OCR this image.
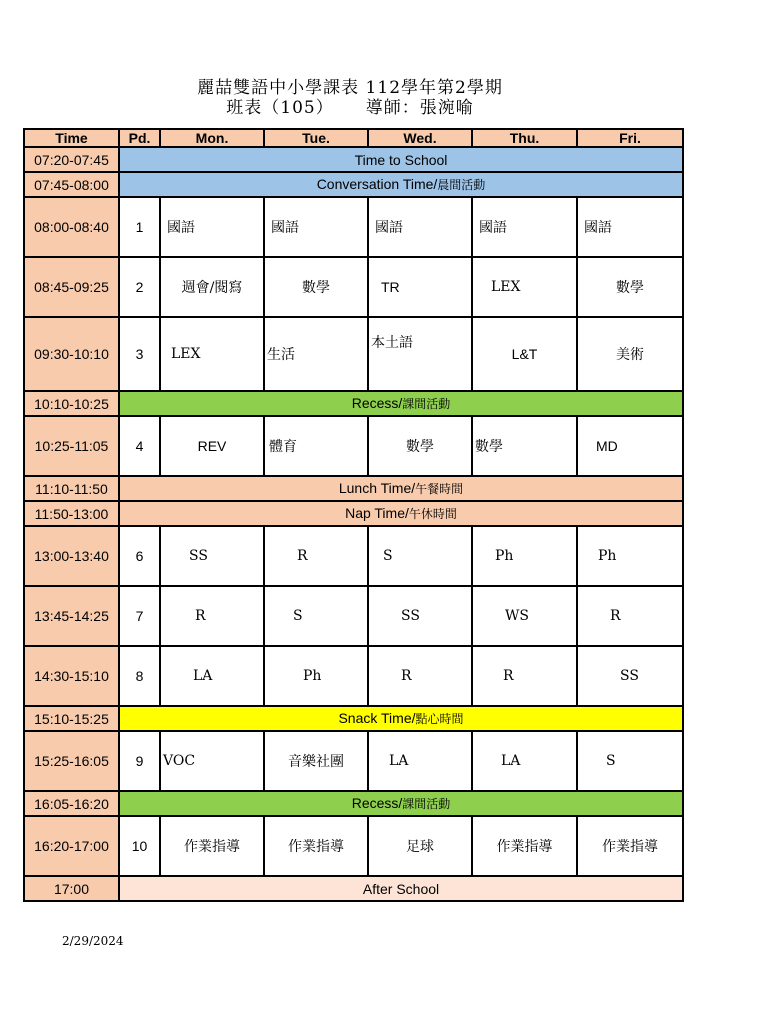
麗喆雙語中小學課表 112學年第2學期
班表（105）     導師：張涴喻
Time	Pd.	Mon.	Tue.	Wed.	Thu.	Fri.
07:20-07:45	Time to School					
07:45-08:00	Conversation Time/晨間活動					
08:00-08:40	1	國語	國語	國語	國語	國語
08:45-09:25	2	週會/閱寫	數學	TR	LEX	數學
09:30-10:10	3	LEX	生活	本土語	L&T	美術
10:10-10:25	Recess/課間活動					
10:25-11:05	4	REV	體育	數學	數學	MD
11:10-11:50	Lunch Time/午餐時間					
11:50-13:00	Nap Time/午休時間					
13:00-13:40	6	SS	R	S	Ph	Ph
13:45-14:25	7	R	S	SS	WS	R
14:30-15:10	8	LA	Ph	R	R	SS
15:10-15:25	Snack Time/點心時間					
15:25-16:05	9	VOC	音樂社團	LA	LA	S
16:05-16:20	Recess/課間活動					
16:20-17:00	10	作業指導	作業指導	足球	作業指導	作業指導
17:00	After School					
2/29/2024
